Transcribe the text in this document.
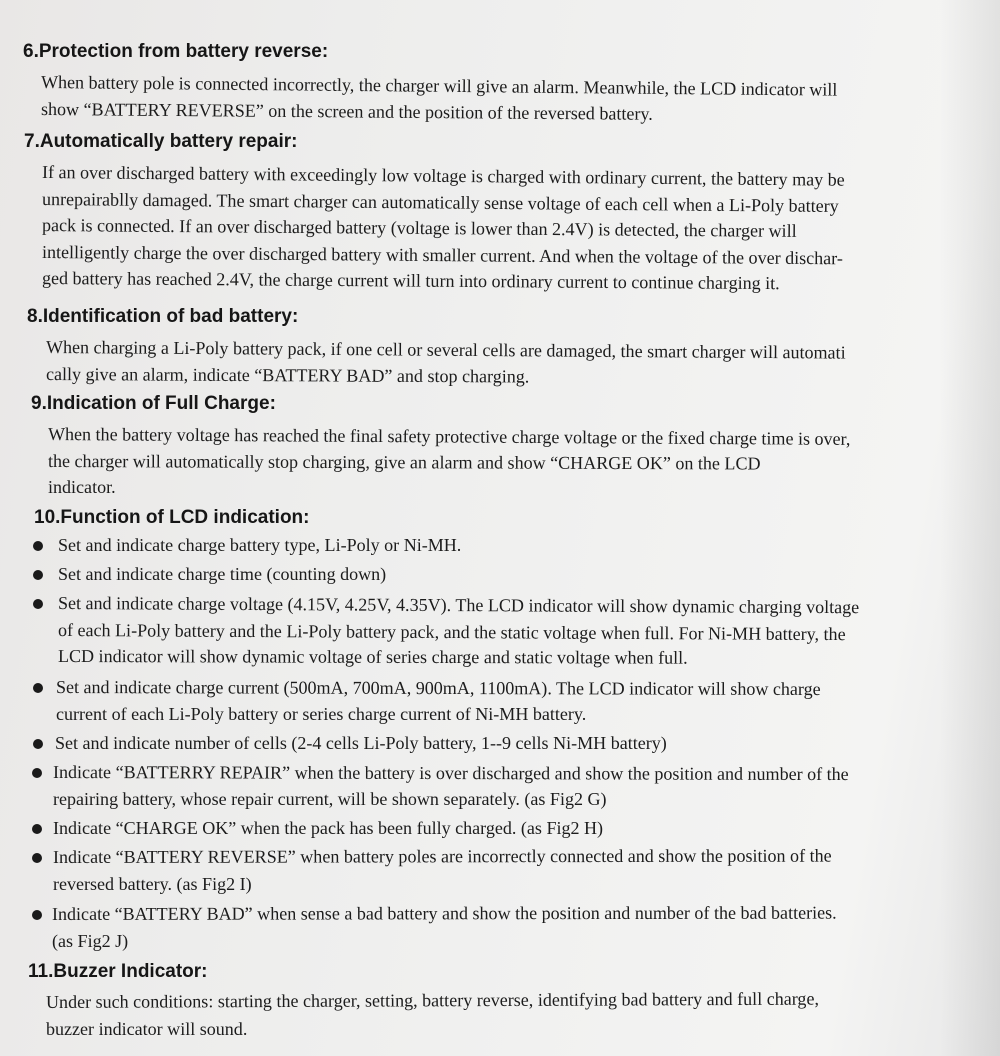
6.Protection from battery reverse:

When battery pole is connected incorrectly, the charger will give an alarm. Meanwhile, the LCD indicator will
show “BATTERY REVERSE” on the screen and the position of the reversed battery.

7.Automatically battery repair:

If an over discharged battery with exceedingly low voltage is charged with ordinary current, the battery may be
unrepairablly damaged. The smart charger can automatically sense voltage of each cell when a Li-Poly battery
pack is connected. If an over discharged battery (voltage is lower than 2.4V) is detected, the charger will
intelligently charge the over discharged battery with smaller current. And when the voltage of the over dischar-
ged battery has reached 2.4V, the charge current will turn into ordinary current to continue charging it.

8.Identification of bad battery:

When charging a Li-Poly battery pack, if one cell or several cells are damaged, the smart charger will automati
cally give an alarm, indicate “BATTERY BAD” and stop charging.

9.Indication of Full Charge:

When the battery voltage has reached the final safety protective charge voltage or the fixed charge time is over,
the charger will automatically stop charging, give an alarm and show “CHARGE OK” on the LCD
indicator.

10.Function of LCD indication:
Set and indicate charge battery type, Li-Poly or Ni-MH.
Set and indicate charge time (counting down)
Set and indicate charge voltage (4.15V, 4.25V, 4.35V). The LCD indicator will show dynamic charging voltage
of each Li-Poly battery and the Li-Poly battery pack, and the static voltage when full. For Ni-MH battery, the
LCD indicator will show dynamic voltage of series charge and static voltage when full.
Set and indicate charge current (500mA, 700mA, 900mA, 1100mA). The LCD indicator will show charge
current of each Li-Poly battery or series charge current of Ni-MH battery.
Set and indicate number of cells (2-4 cells Li-Poly battery, 1--9 cells Ni-MH battery)
Indicate “BATTERRY REPAIR” when the battery is over discharged and show the position and number of the
repairing battery, whose repair current, will be shown separately. (as Fig2 G)
Indicate “CHARGE OK” when the pack has been fully charged. (as Fig2 H)
Indicate “BATTERY REVERSE” when battery poles are incorrectly connected and show the position of the
reversed battery. (as Fig2 I)
Indicate “BATTERY BAD” when sense a bad battery and show the position and number of the bad batteries.
(as Fig2 J)
11.Buzzer Indicator:

Under such conditions: starting the charger, setting, battery reverse, identifying bad battery and full charge,
buzzer indicator will sound.
